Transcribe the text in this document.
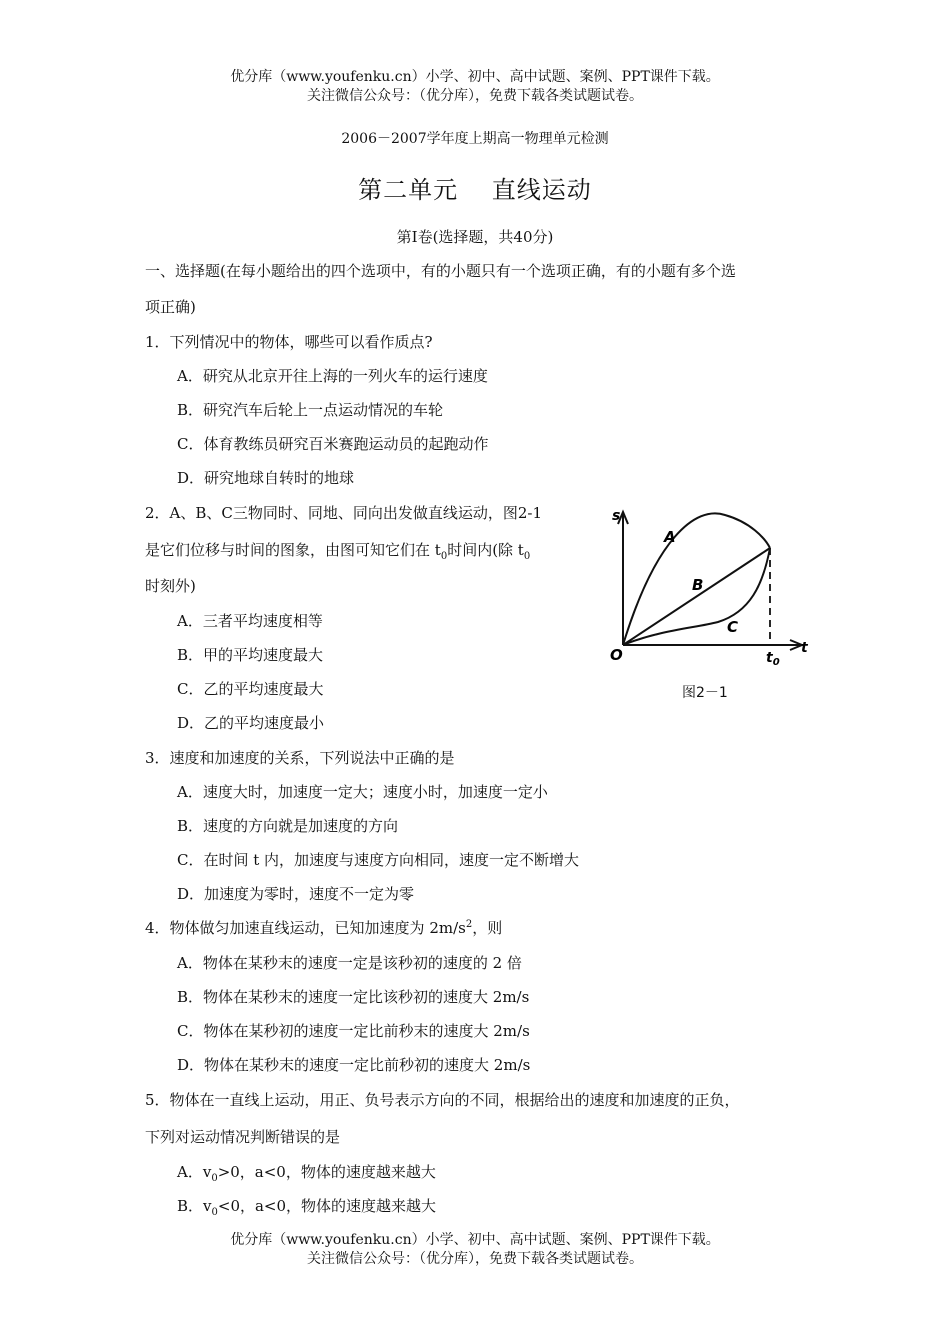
优分库（www.youfenku.cn）小学、初中、高中试题、案例、PPT课件下载。
关注微信公众号：（优分库），免费下载各类试题试卷。
2006－2007学年度上期高一物理单元检测
第二单元　 直线运动
第Ⅰ卷(选择题，共40分)
一、选择题(在每小题给出的四个选项中，有的小题只有一个选项正确，有的小题有多个选
项正确)
1．下列情况中的物体，哪些可以看作质点?
A．研究从北京开往上海的一列火车的运行速度
B．研究汽车后轮上一点运动情况的车轮
C．体育教练员研究百米赛跑运动员的起跑动作
D．研究地球自转时的地球
2．A、B、C三物同时、同地、同向出发做直线运动，图2-1
是它们位移与时间的图象，由图可知它们在 $t_0$时间内(除 $t_0$
时刻外)
A．三者平均速度相等
B．甲的平均速度最大
C．乙的平均速度最大
D．乙的平均速度最小
s
t
O	$t_0$
A
B
C
图2－1
3．速度和加速度的关系，下列说法中正确的是
A．速度大时，加速度一定大；速度小时，加速度一定小
B．速度的方向就是加速度的方向
C．在时间 t 内，加速度与速度方向相同，速度一定不断增大
D．加速度为零时，速度不一定为零
4．物体做匀加速直线运动，已知加速度为 $2m/s^2$，则
A．物体在某秒末的速度一定是该秒初的速度的 2 倍
B．物体在某秒末的速度一定比该秒初的速度大 2m/s
C．物体在某秒初的速度一定比前秒末的速度大 2m/s
D．物体在某秒末的速度一定比前秒初的速度大 2m/s
5．物体在一直线上运动，用正、负号表示方向的不同，根据给出的速度和加速度的正负，
下列对运动情况判断错误的是
A．$v_0>0$，a<0，物体的速度越来越大
B．$v_0<0$，a<0，物体的速度越来越大
优分库（www.youfenku.cn）小学、初中、高中试题、案例、PPT课件下载。
关注微信公众号：（优分库），免费下载各类试题试卷。
